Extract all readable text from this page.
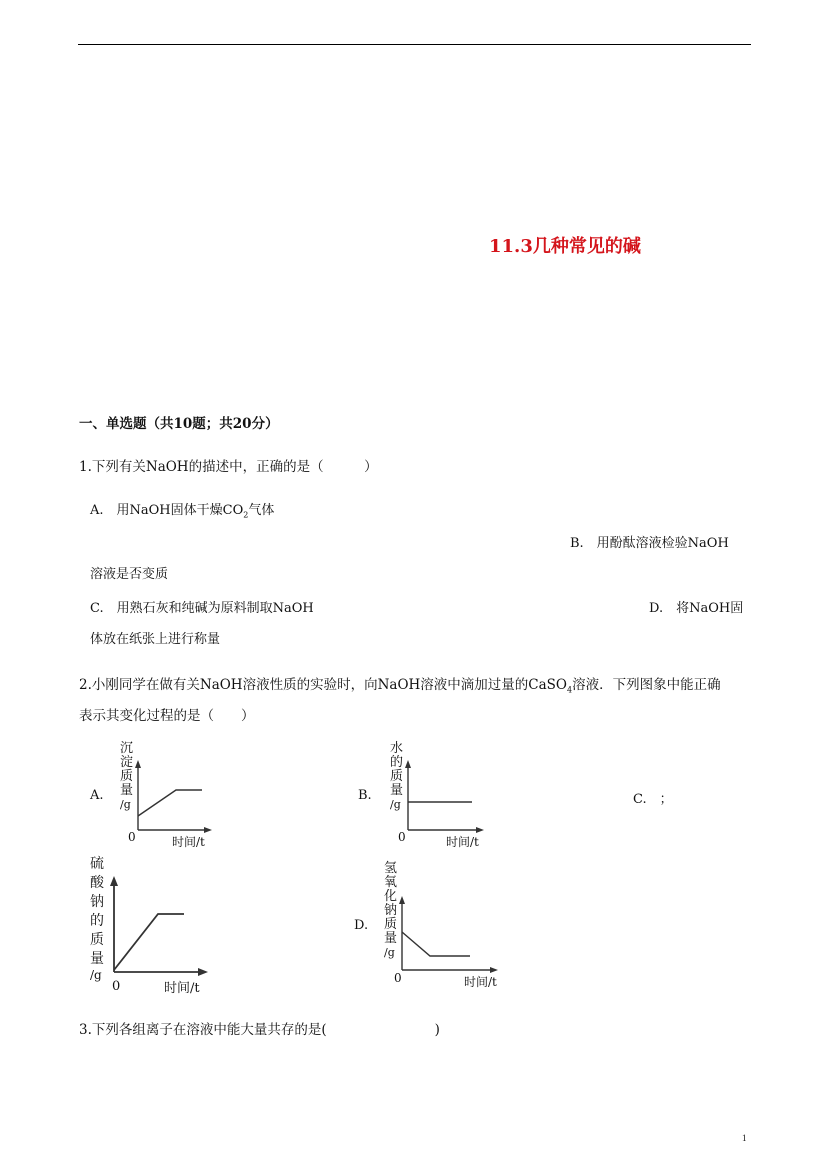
11.3几种常见的碱
一、单选题（共10题；共20分）
1.下列有关NaOH的描述中，正确的是（　　　）
A.　用NaOH固体干燥$CO_2$气体
B.　用酚酞溶液检验NaOH
溶液是否变质
C.　用熟石灰和纯碱为原料制取NaOH	D.　将NaOH固
体放在纸张上进行称量
2.小刚同学在做有关NaOH溶液性质的实验时，向NaOH溶液中滴加过量的CaSO$_4$溶液．下列图象中能正确
表示其变化过程的是（　　）
A.	B.	C.　；
D.
沉
淀
质
量
/g
0	时间/t
水
的
质
量
/g
0	时间/t
硫
酸
钠
的
质
量
/g
0	时间/t
氢
氧
化
钠
质
量
/g
0	时间/t
3.下列各组离子在溶液中能大量共存的是(　　　　　　　　)
1
